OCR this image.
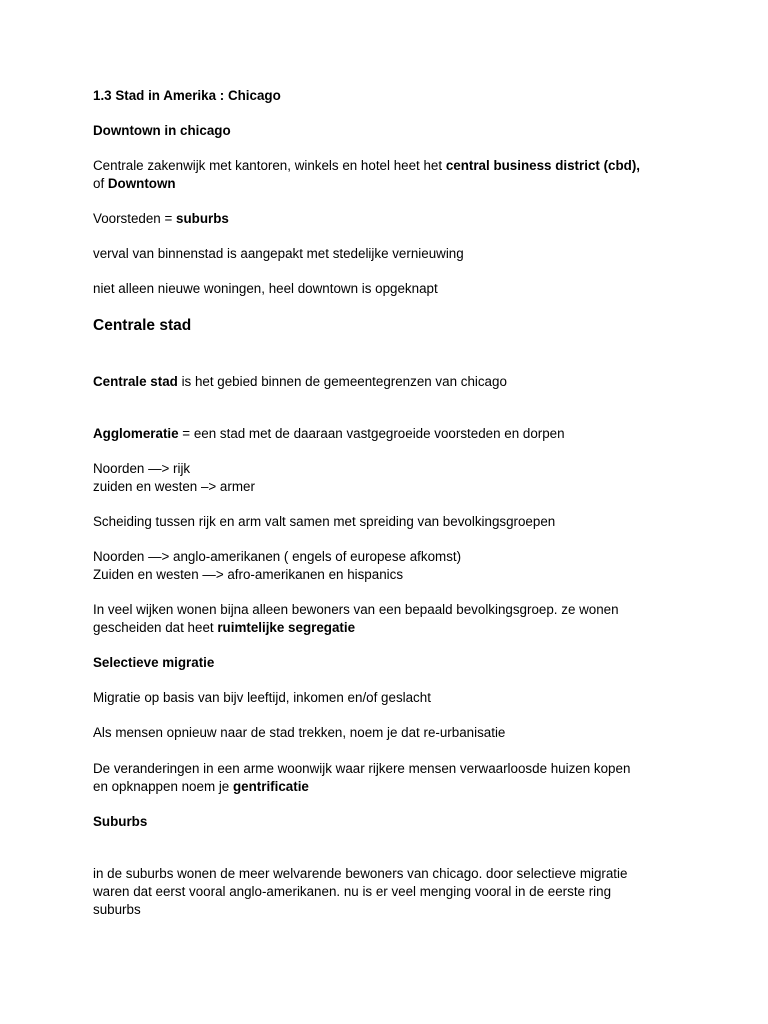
1.3 Stad in Amerika : Chicago
Downtown in chicago
Centrale zakenwijk met kantoren, winkels en hotel heet het central business district (cbd),
of Downtown
Voorsteden = suburbs
verval van binnenstad is aangepakt met stedelijke vernieuwing
niet alleen nieuwe woningen, heel downtown is opgeknapt
Centrale stad
Centrale stad is het gebied binnen de gemeentegrenzen van chicago
Agglomeratie = een stad met de daaraan vastgegroeide voorsteden en dorpen
Noorden —> rijk
zuiden en westen –> armer
Scheiding tussen rijk en arm valt samen met spreiding van bevolkingsgroepen
Noorden —> anglo-amerikanen ( engels of europese afkomst)
Zuiden en westen —> afro-amerikanen en hispanics
In veel wijken wonen bijna alleen bewoners van een bepaald bevolkingsgroep. ze wonen
gescheiden dat heet ruimtelijke segregatie
Selectieve migratie
Migratie op basis van bijv leeftijd, inkomen en/of geslacht
Als mensen opnieuw naar de stad trekken, noem je dat re-urbanisatie
De veranderingen in een arme woonwijk waar rijkere mensen verwaarloosde huizen kopen
en opknappen noem je gentrificatie
Suburbs
in de suburbs wonen de meer welvarende bewoners van chicago. door selectieve migratie
waren dat eerst vooral anglo-amerikanen. nu is er veel menging vooral in de eerste ring
suburbs
